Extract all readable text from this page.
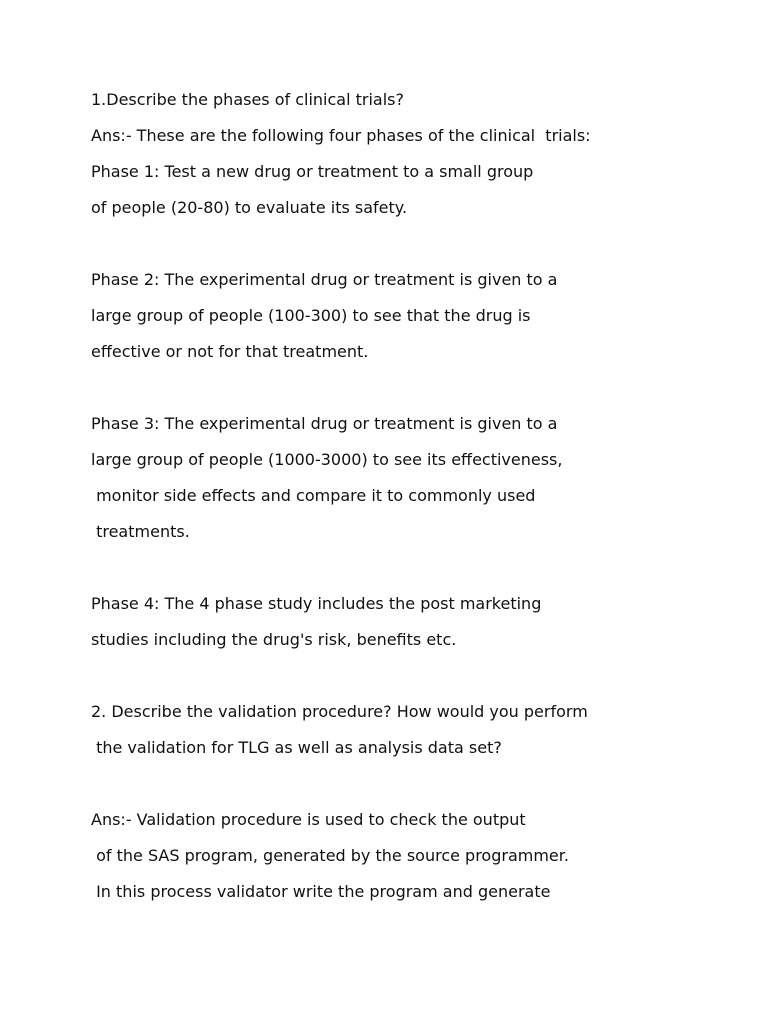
1.Describe the phases of clinical trials?

Ans:- These are the following four phases of the clinical  trials:

Phase 1: Test a new drug or treatment to a small group

of people (20-80) to evaluate its safety.

Phase 2: The experimental drug or treatment is given to a

large group of people (100-300) to see that the drug is

effective or not for that treatment.

Phase 3: The experimental drug or treatment is given to a

large group of people (1000-3000) to see its effectiveness,

monitor side effects and compare it to commonly used

treatments.

Phase 4: The 4 phase study includes the post marketing

studies including the drug's risk, benefits etc.

2. Describe the validation procedure? How would you perform

the validation for TLG as well as analysis data set?

Ans:- Validation procedure is used to check the output

of the SAS program, generated by the source programmer.

In this process validator write the program and generate
